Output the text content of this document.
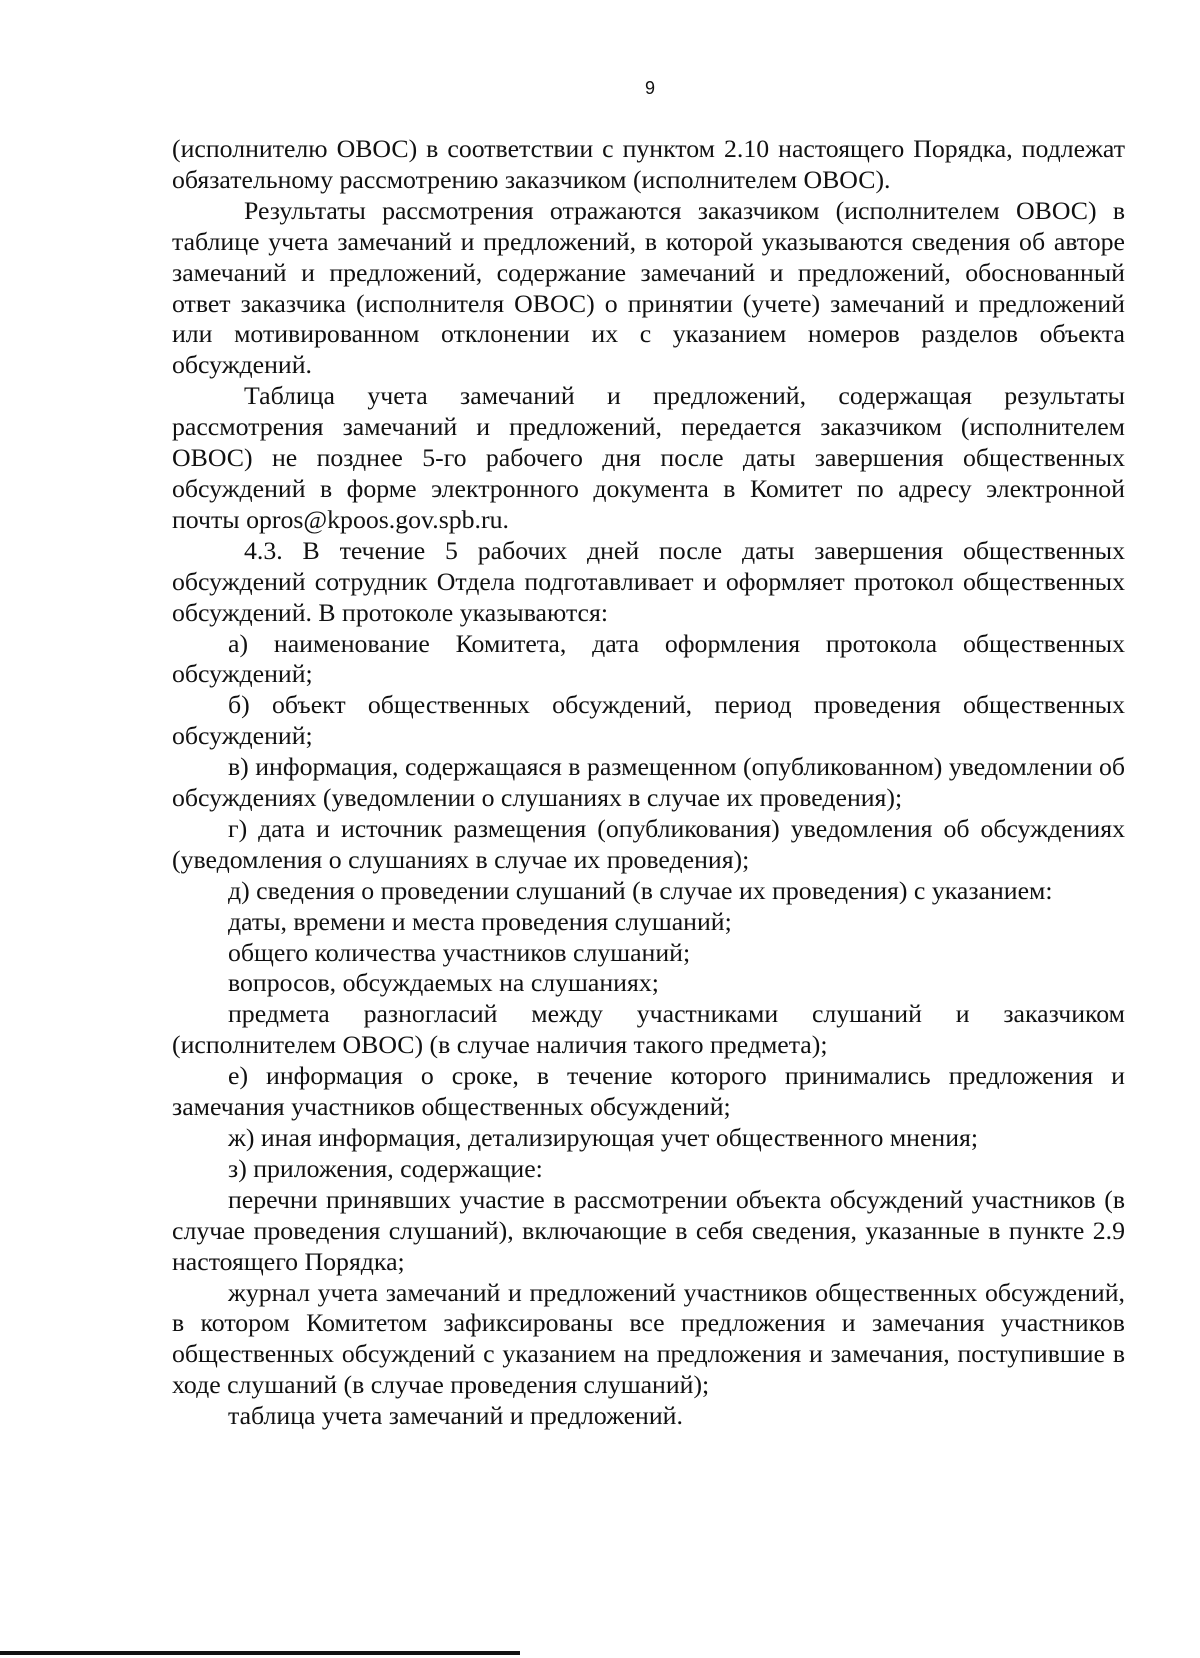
9

(исполнителю ОВОС) в соответствии с пунктом 2.10 настоящего Порядка, подлежат обязательному рассмотрению заказчиком (исполнителем ОВОС).

Результаты рассмотрения отражаются заказчиком (исполнителем ОВОС) в таблице учета замечаний и предложений, в которой указываются сведения об авторе замечаний и предложений, содержание замечаний и предложений, обоснованный ответ заказчика (исполнителя ОВОС) о принятии (учете) замечаний и предложений или мотивированном отклонении их с указанием номеров разделов объекта обсуждений.

Таблица учета замечаний и предложений, содержащая результаты рассмотрения замечаний и предложений, передается заказчиком (исполнителем ОВОС) не позднее 5-го рабочего дня после даты завершения общественных обсуждений в форме электронного документа в Комитет по адресу электронной почты opros@kpoos.gov.spb.ru.

4.3. В течение 5 рабочих дней после даты завершения общественных обсуждений сотрудник Отдела подготавливает и оформляет протокол общественных обсуждений. В протоколе указываются:

а) наименование Комитета, дата оформления протокола общественных обсуждений;

б) объект общественных обсуждений, период проведения общественных обсуждений;

в) информация, содержащаяся в размещенном (опубликованном) уведомлении об обсуждениях (уведомлении о слушаниях в случае их проведения);

г) дата и источник размещения (опубликования) уведомления об обсуждениях (уведомления о слушаниях в случае их проведения);

д) сведения о проведении слушаний (в случае их проведения) с указанием:

даты, времени и места проведения слушаний;

общего количества участников слушаний;

вопросов, обсуждаемых на слушаниях;

предмета разногласий между участниками слушаний и заказчиком (исполнителем ОВОС) (в случае наличия такого предмета);

е) информация о сроке, в течение которого принимались предложения и замечания участников общественных обсуждений;

ж) иная информация, детализирующая учет общественного мнения;

з) приложения, содержащие:

перечни принявших участие в рассмотрении объекта обсуждений участников (в случае проведения слушаний), включающие в себя сведения, указанные в пункте 2.9 настоящего Порядка;

журнал учета замечаний и предложений участников общественных обсуждений, в котором Комитетом зафиксированы все предложения и замечания участников общественных обсуждений с указанием на предложения и замечания, поступившие в ходе слушаний (в случае проведения слушаний);

таблица учета замечаний и предложений.
